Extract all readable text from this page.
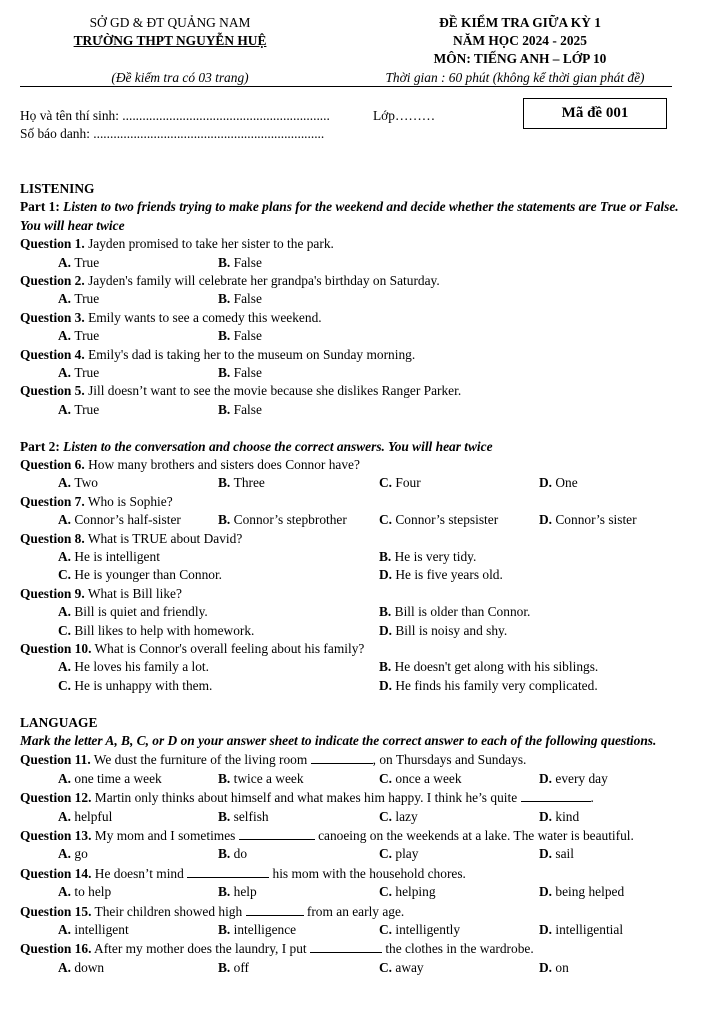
SỞ GD & ĐT QUẢNG NAM
TRƯỜNG THPT NGUYỄN HUỆ
ĐỀ KIỂM TRA GIỮA KỲ 1
NĂM HỌC 2024 - 2025
MÔN: TIẾNG ANH – LỚP 10
(Đề kiểm tra có 03 trang)	Thời gian : 60 phút (không kể thời gian phát đề)
Họ và tên thí sinh: ..............................................................
Số báo danh: .....................................................................
Lớp………	Mã đề 001
LISTENING
Part 1: Listen to two friends trying to make plans for the weekend and decide whether the statements are True or False. You will hear twice
Question 1. Jayden promised to take her sister to the park.
A. True	B. False
Question 2. Jayden's family will celebrate her grandpa's birthday on Saturday.
A. True	B. False
Question 3. Emily wants to see a comedy this weekend.
A. True	B. False
Question 4. Emily's dad is taking her to the museum on Sunday morning.
A. True	B. False
Question 5. Jill doesn’t want to see the movie because she dislikes Ranger Parker.
A. True	B. False
Part 2: Listen to the conversation and choose the correct answers. You will hear twice
Question 6. How many brothers and sisters does Connor have?
A. Two	B. Three	C. Four	D. One
Question 7. Who is Sophie?
A. Connor’s half-sister	B. Connor’s stepbrother	C. Connor’s stepsister	D. Connor’s sister
Question 8. What is TRUE about David?
A. He is intelligent	B. He is very tidy.
C. He is younger than Connor.	D. He is five years old.
Question 9. What is Bill like?
A. Bill is quiet and friendly.	B. Bill is older than Connor.
C. Bill likes to help with homework.	D. Bill is noisy and shy.
Question 10. What is Connor's overall feeling about his family?
A. He loves his family a lot.	B. He doesn't get along with his siblings.
C. He is unhappy with them.	D. He finds his family very complicated.
LANGUAGE
Mark the letter A, B, C, or D on your answer sheet to indicate the correct answer to each of the following questions.
Question 11. We dust the furniture of the living room	, on Thursdays and Sundays.
A. one time a week	B. twice a week	C. once a week	D. every day
Question 12. Martin only thinks about himself and what makes him happy. I think he’s quite	.
A. helpful	B. selfish	C. lazy	D. kind
Question 13. My mom and I sometimes	canoeing on the weekends at a lake. The water is beautiful.
A. go	B. do	C. play	D. sail
Question 14. He doesn’t mind	his mom with the household chores.
A. to help	B. help	C. helping	D. being helped
Question 15. Their children showed high	from an early age.
A. intelligent	B. intelligence	C. intelligently	D. intelligential
Question 16. After my mother does the laundry, I put	the clothes in the wardrobe.
A. down	B. off	C. away	D. on
